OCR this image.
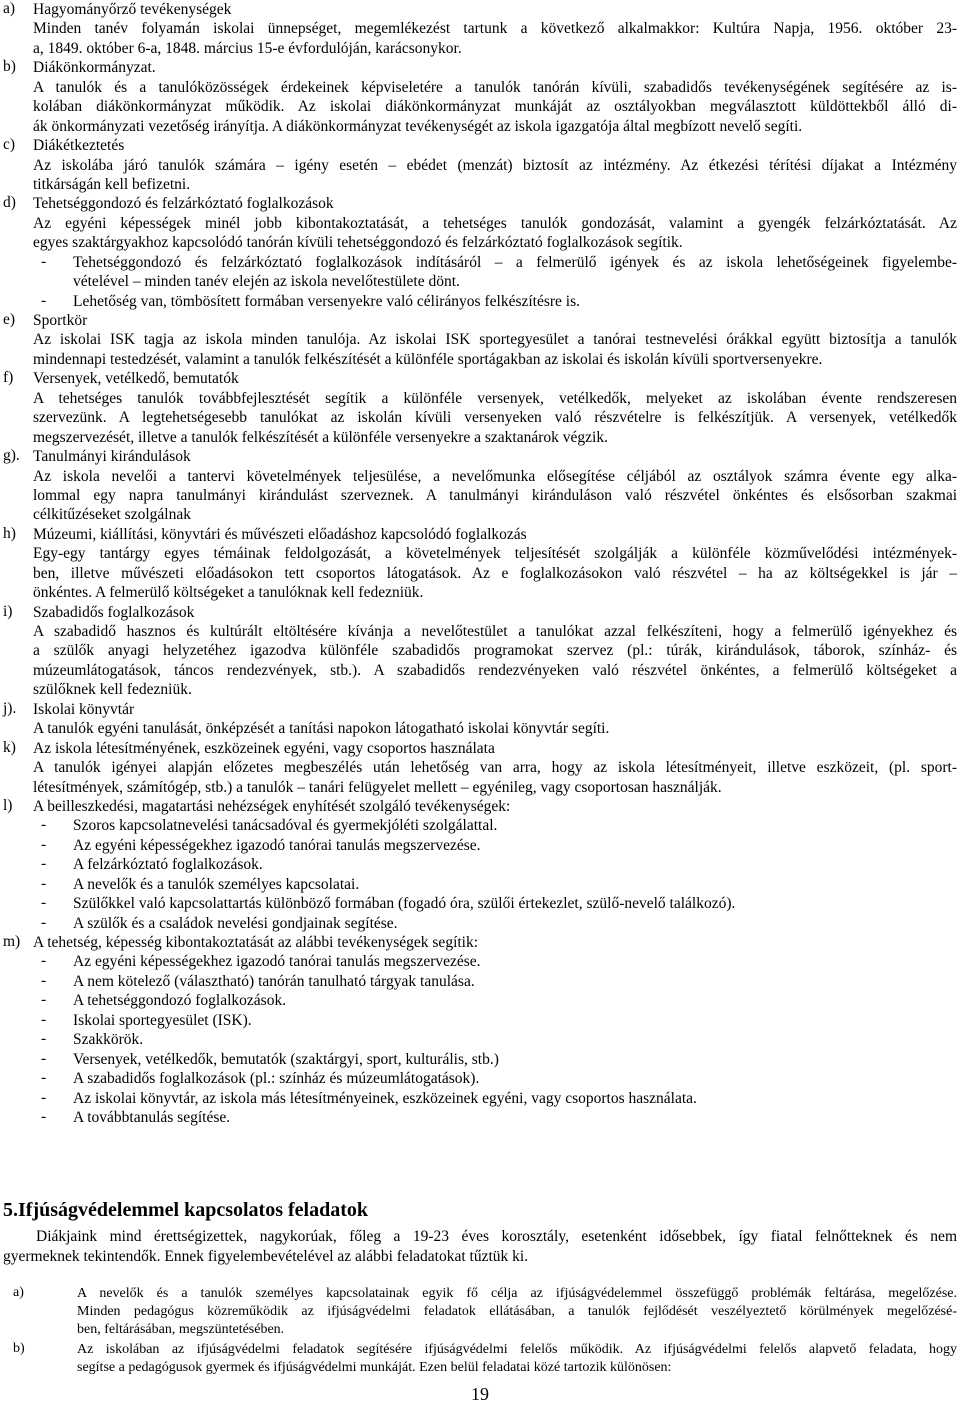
a) Hagyományőrző tevékenységek
Minden tanév folyamán iskolai ünnepséget, megemlékezést tartunk a következő alkalmakkor: Kultúra Napja, 1956. október 23-
a, 1849. október 6-a, 1848. március 15-e évfordulóján, karácsonykor.
b) Diákönkormányzat.
A tanulók és a tanulóközösségek érdekeinek képviseletére a tanulók tanórán kívüli, szabadidős tevékenységének segítésére az is-
kolában diákönkormányzat működik. Az iskolai diákönkormányzat munkáját az osztályokban megválasztott küldöttekből álló di-
ák önkormányzati vezetőség irányítja. A diákönkormányzat tevékenységét az iskola igazgatója által megbízott nevelő segíti.
c) Diákétkeztetés
Az iskolába járó tanulók számára – igény esetén – ebédet (menzát) biztosít az intézmény. Az étkezési térítési díjakat a Intézmény
titkárságán kell befizetni.
d) Tehetséggondozó és felzárkóztató foglalkozások
Az egyéni képességek minél jobb kibontakoztatását, a tehetséges tanulók gondozását, valamint a gyengék felzárkóztatását. Az
egyes szaktárgyakhoz kapcsolódó tanórán kívüli tehetséggondozó és felzárkóztató foglalkozások segítik.
- Tehetséggondozó és felzárkóztató foglalkozások indításáról – a felmerülő igények és az iskola lehetőségeinek figyelembe-
vételével – minden tanév elején az iskola nevelőtestülete dönt.
- Lehetőség van, tömbösített formában versenyekre való célirányos felkészítésre is.
e) Sportkör
Az iskolai ISK tagja az iskola minden tanulója. Az iskolai ISK sportegyesület a tanórai testnevelési órákkal együtt biztosítja a tanulók
mindennapi testedzését, valamint a tanulók felkészítését a különféle sportágakban az iskolai és iskolán kívüli sportversenyekre.
f) Versenyek, vetélkedő, bemutatók
A tehetséges tanulók továbbfejlesztését segítik a különféle versenyek, vetélkedők, melyeket az iskolában évente rendszeresen
szervezünk. A legtehetségesebb tanulókat az iskolán kívüli versenyeken való részvételre is felkészítjük. A versenyek, vetélkedők
megszervezését, illetve a tanulók felkészítését a különféle versenyekre a szaktanárok végzik.
g). Tanulmányi kirándulások
Az iskola nevelői a tantervi követelmények teljesülése, a nevelőmunka elősegítése céljából az osztályok számra évente egy alka-
lommal egy napra tanulmányi kirándulást szerveznek. A tanulmányi kiránduláson való részvétel önkéntes és elsősorban szakmai
célkitűzéseket szolgálnak
h) Múzeumi, kiállítási, könyvtári és művészeti előadáshoz kapcsolódó foglalkozás
Egy-egy tantárgy egyes témáinak feldolgozását, a követelmények teljesítését szolgálják a különféle közművelődési intézmények-
ben, illetve művészeti előadásokon tett csoportos látogatások. Az e foglalkozásokon való részvétel – ha az költségekkel is jár –
önkéntes. A felmerülő költségeket a tanulóknak kell fedezniük.
i) Szabadidős foglalkozások
A szabadidő hasznos és kultúrált eltöltésére kívánja a nevelőtestület a tanulókat azzal felkészíteni, hogy a felmerülő igényekhez és
a szülők anyagi helyzetéhez igazodva különféle szabadidős programokat szervez (pl.: túrák, kirándulások, táborok, színház- és
múzeumlátogatások, táncos rendezvények, stb.). A szabadidős rendezvényeken való részvétel önkéntes, a felmerülő költségeket a
szülőknek kell fedezniük.
j). Iskolai könyvtár
A tanulók egyéni tanulását, önképzését a tanítási napokon látogatható iskolai könyvtár segíti.
k) Az iskola létesítményének, eszközeinek egyéni, vagy csoportos használata
A tanulók igényei alapján előzetes megbeszélés után lehetőség van arra, hogy az iskola létesítményeit, illetve eszközeit, (pl. sport-
létesítmények, számítógép, stb.) a tanulók – tanári felügyelet mellett – egyénileg, vagy csoportosan használják.
l) A beilleszkedési, magatartási nehézségek enyhítését szolgáló tevékenységek:
- Szoros kapcsolatnevelési tanácsadóval és gyermekjóléti szolgálattal.
- Az egyéni képességekhez igazodó tanórai tanulás megszervezése.
- A felzárkóztató foglalkozások.
- A nevelők és a tanulók személyes kapcsolatai.
- Szülőkkel való kapcsolattartás különböző formában (fogadó óra, szülői értekezlet, szülő-nevelő találkozó).
- A szülők és a családok nevelési gondjainak segítése.
m) A tehetség, képesség kibontakoztatását az alábbi tevékenységek segítik:
- Az egyéni képességekhez igazodó tanórai tanulás megszervezése.
- A nem kötelező (választható) tanórán tanulható tárgyak tanulása.
- A tehetséggondozó foglalkozások.
- Iskolai sportegyesület (ISK).
- Szakkörök.
- Versenyek, vetélkedők, bemutatók (szaktárgyi, sport, kulturális, stb.)
- A szabadidős foglalkozások (pl.: színház és múzeumlátogatások).
- Az iskolai könyvtár, az iskola más létesítményeinek, eszközeinek egyéni, vagy csoportos használata.
- A továbbtanulás segítése.
5.Ifjúságvédelemmel kapcsolatos feladatok
Diákjaink mind érettségizettek, nagykorúak, főleg a 19-23 éves korosztály, esetenként idősebbek, így fiatal felnőtteknek és nem
gyermeknek tekintendők. Ennek figyelembevételével az alábbi feladatokat tűztük ki.
a)	A nevelők és a tanulók személyes kapcsolatainak egyik fő célja az ifjúságvédelemmel összefüggő problémák feltárása, megelőzése.
Minden pedagógus közreműködik az ifjúságvédelmi feladatok ellátásában, a tanulók fejlődését veszélyeztető körülmények megelőzésé-
ben, feltárásában, megszüntetésében.
b)	Az iskolában az ifjúságvédelmi feladatok segítésére ifjúságvédelmi felelős működik. Az ifjúságvédelmi felelős alapvető feladata, hogy
segítse a pedagógusok gyermek és ifjúságvédelmi munkáját. Ezen belül feladatai közé tartozik különösen:
19
